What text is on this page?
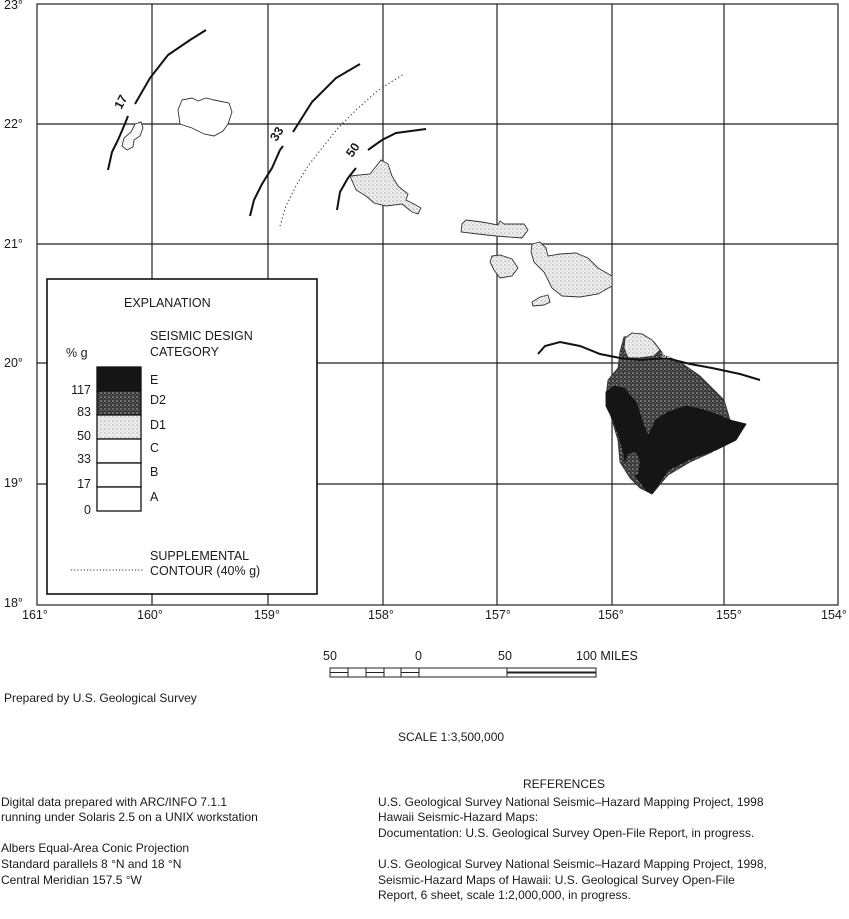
23°
22°
21°
20°
19°
18°
161°	160°	159°	158°	157°	156°	155°	154°
17
33
50
83
EXPLANATION
SEISMIC DESIGN
CATEGORY
% g
117
83
50
33
17
0
E
D2
D1
C
B
A
SUPPLEMENTAL
CONTOUR (40% g)
50	0	50	100 MILES
Prepared by U.S. Geological Survey
SCALE 1:3,500,000
Digital data prepared with ARC/INFO 7.1.1
running under Solaris 2.5 on a UNIX workstation
Albers Equal-Area Conic Projection
Standard parallels 8 °N and 18 °N
Central Meridian 157.5 °W
REFERENCES
U.S. Geological Survey National Seismic–Hazard Mapping Project, 1998
Hawaii Seismic-Hazard Maps:
Documentation: U.S. Geological Survey Open-File Report, in progress.
U.S. Geological Survey National Seismic–Hazard Mapping Project, 1998,
Seismic-Hazard Maps of Hawaii: U.S. Geological Survey Open-File
Report, 6 sheet, scale 1:2,000,000, in progress.
